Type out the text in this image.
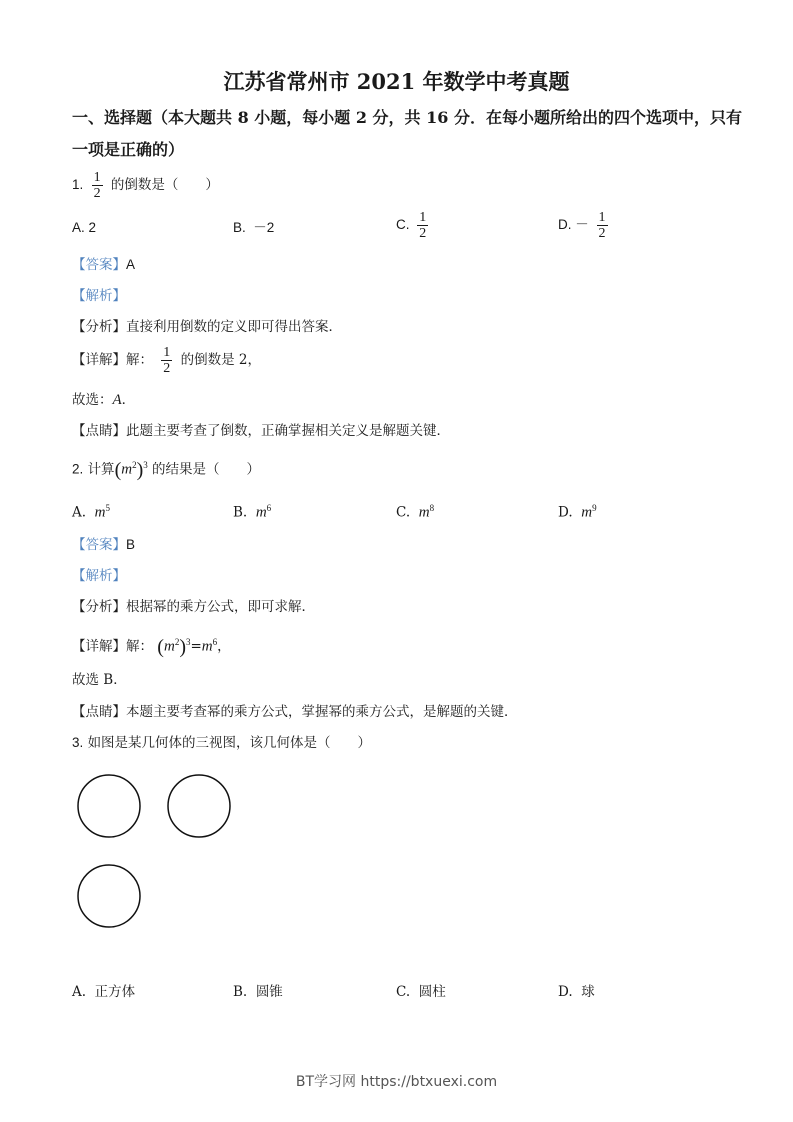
江苏省常州市 2021 年数学中考真题
一、选择题（本大题共 8 小题，每小题 2 分，共 16 分．在每小题所给出的四个选项中，只有
一项是正确的）
1. $\frac{1}{2}$ 的倒数是（　　）
A. 2	B. －2	C. $\frac{1}{2}$	D. － $\frac{1}{2}$
【答案】A
【解析】
【分析】直接利用倒数的定义即可得出答案．
【详解】解： $\frac{1}{2}$ 的倒数是 2，
故选：A．
【点睛】此题主要考查了倒数，正确掌握相关定义是解题关键．
2. 计算$(m^2)^3$ 的结果是（　　）
A. $m^5$	B. $m^6$	C. $m^8$	D. $m^9$
【答案】B
【解析】
【分析】根据幂的乘方公式，即可求解．
【详解】解： $(m^2)^3=m^6$，
故选 B．
【点睛】本题主要考查幂的乘方公式，掌握幂的乘方公式，是解题的关键．
3. 如图是某几何体的三视图，该几何体是（　　）
A. 正方体	B. 圆锥	C. 圆柱	D. 球
BT学习网 https://btxuexi.com
